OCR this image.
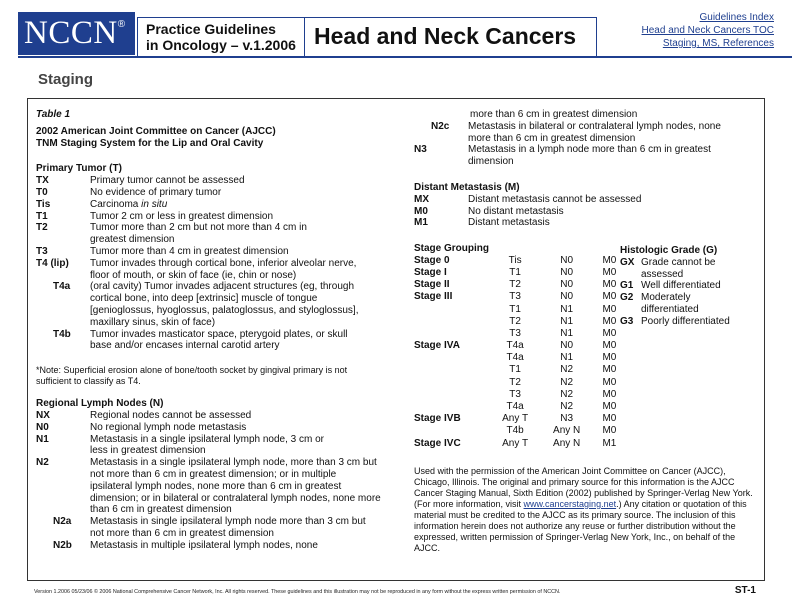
NCCN®	Practice Guidelines
in Oncology – v.1.2006 Head and Neck Cancers
Guidelines Index
Head and Neck Cancers TOC
Staging, MS, References
Staging
Table 1
2002 American Joint Committee on Cancer (AJCC)
TNM Staging System for the Lip and Oral Cavity
Primary Tumor (T)
TX	Primary tumor cannot be assessed
T0	No evidence of primary tumor
Tis	Carcinoma in situ
T1	Tumor 2 cm or less in greatest dimension
T2	Tumor more than 2 cm but not more than 4 cm in greatest dimension
T3	Tumor more than 4 cm in greatest dimension
T4 (lip)	Tumor invades through cortical bone, inferior alveolar nerve, floor of mouth, or skin of face (ie, chin or nose)
T4a	(oral cavity) Tumor invades adjacent structures (eg, through cortical bone, into deep [extrinsic] muscle of tongue [genioglossus, hyoglossus, palatoglossus, and styloglossus], maxillary sinus, skin of face)
T4b	Tumor invades masticator space, pterygoid plates, or skull base and/or encases internal carotid artery
*Note: Superficial erosion alone of bone/tooth socket by gingival primary is not sufficient to classify as T4.
Regional Lymph Nodes (N)
NX	Regional nodes cannot be assessed
N0	No regional lymph node metastasis
N1	Metastasis in a single ipsilateral lymph node, 3 cm or less in greatest dimension
N2	Metastasis in a single ipsilateral lymph node, more than 3 cm but not more than 6 cm in greatest dimension; or in multiple ipsilateral lymph nodes, none more than 6 cm in greatest dimension; or in bilateral or contralateral lymph nodes, none more than 6 cm in greatest dimension
N2a	Metastasis in single ipsilateral lymph node more than 3 cm but not more than 6 cm in greatest dimension
N2b	Metastasis in multiple ipsilateral lymph nodes, none
more than 6 cm in greatest dimension
N2c	Metastasis in bilateral or contralateral lymph nodes, none more than 6 cm in greatest dimension
N3	Metastasis in a lymph node more than 6 cm in greatest dimension
Distant Metastasis (M)
MX	Distant metastasis cannot be assessed
M0	No distant metastasis
M1	Distant metastasis
Stage Grouping
Stage 0	Tis	N0	M0
Stage I	T1	N0	M0
Stage II	T2	N0	M0
Stage III	T3	N0	M0
T1	N1	M0
T2	N1	M0
T3	N1	M0
Stage IVA	T4a	N0	M0
T4a	N1	M0
T1	N2	M0
T2	N2	M0
T3	N2	M0
T4a	N2	M0
Stage IVB	Any T	N3	M0
T4b	Any N	M0
Stage IVC	Any T	Any N	M1
Histologic Grade (G)
GX Grade cannot be assessed
G1 Well differentiated
G2 Moderately differentiated
G3 Poorly differentiated
Used with the permission of the American Joint Committee on Cancer (AJCC), Chicago, Illinois. The original and primary source for this information is the AJCC Cancer Staging Manual, Sixth Edition (2002) published by Springer-Verlag New York. (For more information, visit www.cancerstaging.net.) Any citation or quotation of this material must be credited to the AJCC as its primary source. The inclusion of this information herein does not authorize any reuse or further distribution without the expressed, written permission of Springer-Verlag New York, Inc., on behalf of the AJCC.
Version 1.2006 05/23/06 © 2006 National Comprehensive Cancer Network, Inc. All rights reserved. These guidelines and this illustration may not be reproduced in any form without the express written permission of NCCN.	ST-1
